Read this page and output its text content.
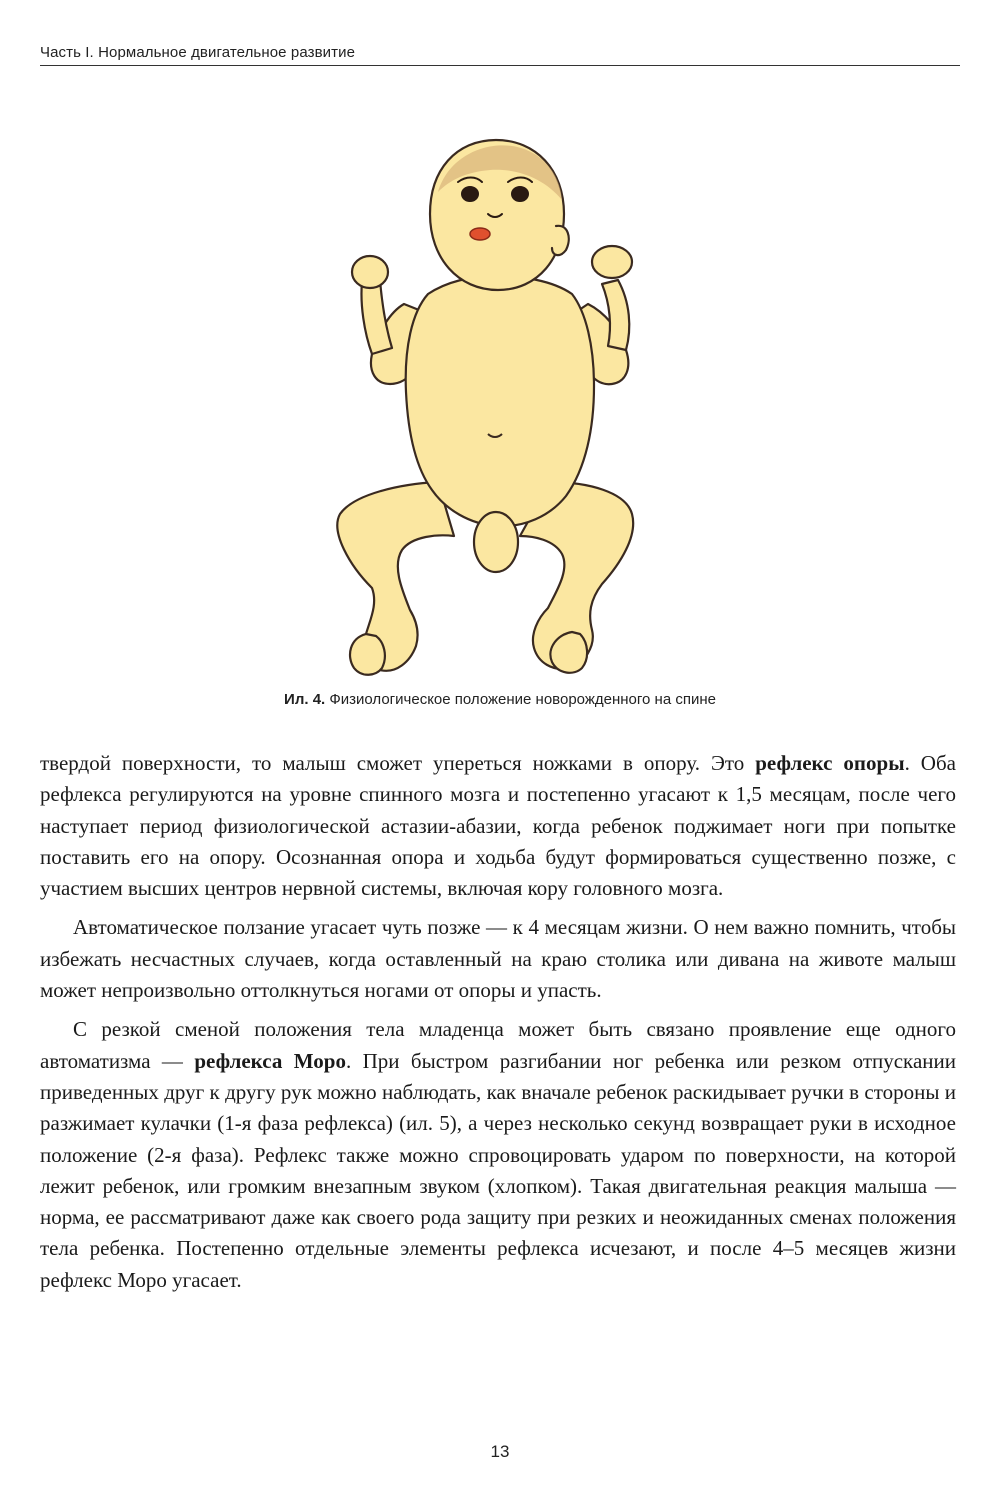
Часть I. Нормальное двигательное развитие
Ил. 4. Физиологическое положение новорожденного на спине

твердой поверхности, то малыш сможет упереться ножками в опору. Это рефлекс опоры. Оба рефлекса регулируются на уровне спинного мозга и постепенно угасают к 1,5 месяцам, после чего наступает период физиологической астазии-абазии, когда ребенок поджимает ноги при попытке поставить его на опору. Осознанная опора и ходьба будут формироваться существенно позже, с участием высших центров нервной системы, включая кору головного мозга.

Автоматическое ползание угасает чуть позже — к 4 месяцам жизни. О нем важно помнить, чтобы избежать несчастных случаев, когда оставленный на краю столика или дивана на животе малыш может непроизвольно оттолкнуться ногами от опоры и упасть.

С резкой сменой положения тела младенца может быть связано проявление еще одного автоматизма — рефлекса Моро. При быстром разгибании ног ребенка или резком отпускании приведенных друг к другу рук можно наблюдать, как вначале ребенок раскидывает ручки в стороны и разжимает кулачки (1-я фаза рефлекса) (ил. 5), а через несколько секунд возвращает руки в исходное положение (2-я фаза). Рефлекс также можно спровоцировать ударом по поверхности, на которой лежит ребенок, или громким внезапным звуком (хлопком). Такая двигательная реакция малыша — норма, ее рассматривают даже как своего рода защиту при резких и неожиданных сменах положения тела ребенка. Постепенно отдельные элементы рефлекса исчезают, и после 4–5 месяцев жизни рефлекс Моро угасает.

13
